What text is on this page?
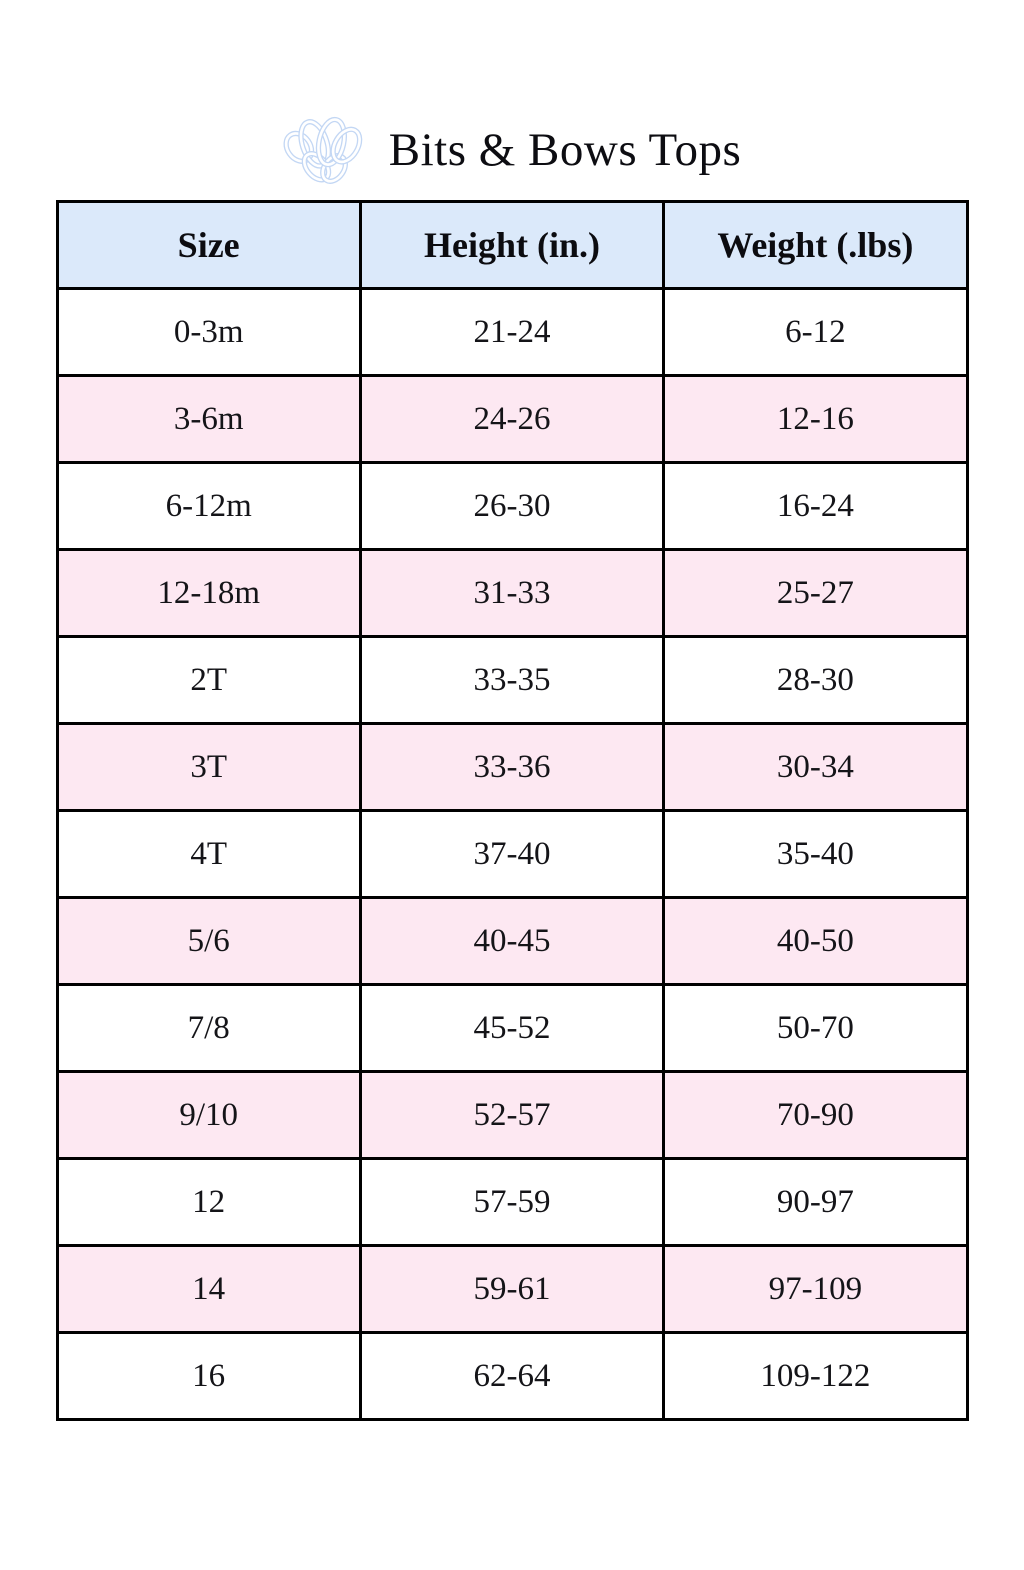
Bits & Bows Tops
Size	Height (in.)	Weight (.lbs)
0-3m	21-24	6-12
3-6m	24-26	12-16
6-12m	26-30	16-24
12-18m	31-33	25-27
2T	33-35	28-30
3T	33-36	30-34
4T	37-40	35-40
5/6	40-45	40-50
7/8	45-52	50-70
9/10	52-57	70-90
12	57-59	90-97
14	59-61	97-109
16	62-64	109-122
